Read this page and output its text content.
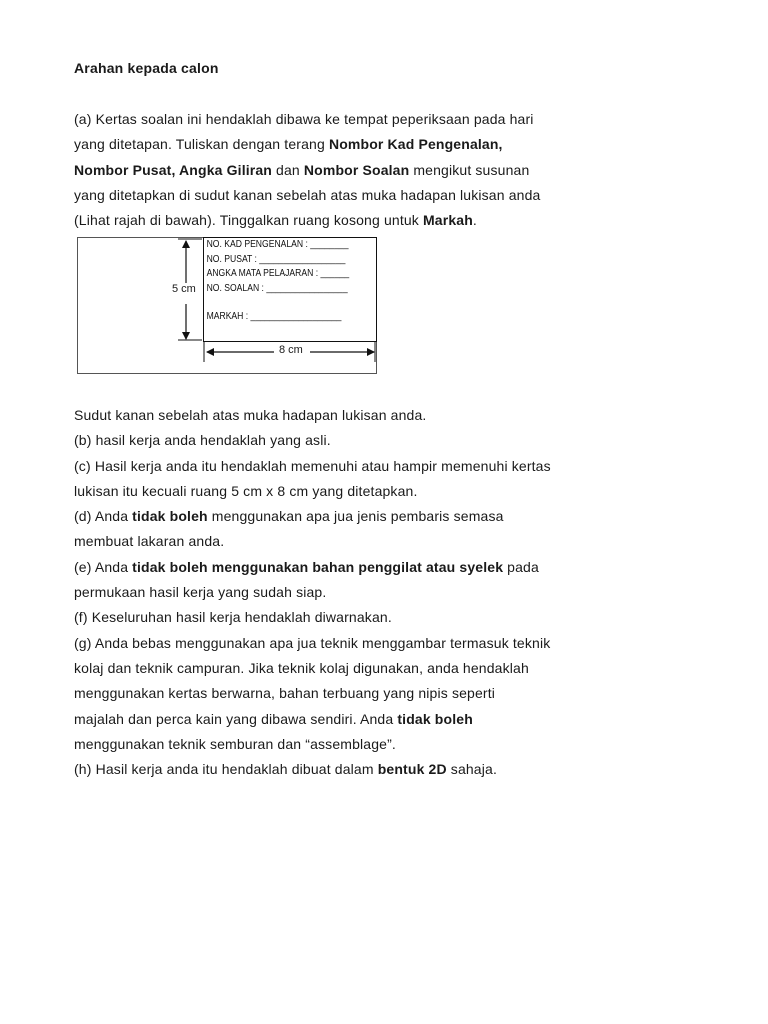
Arahan kepada calon
(a) Kertas soalan ini hendaklah dibawa ke tempat peperiksaan pada hari
yang ditetapan. Tuliskan dengan terang Nombor Kad Pengenalan,
Nombor Pusat, Angka Giliran dan Nombor Soalan mengikut susunan
yang ditetapkan di sudut kanan sebelah atas muka hadapan lukisan anda
(Lihat rajah di bawah). Tinggalkan ruang kosong untuk Markah.
5 cm
8 cm
NO. KAD PENGENALAN : ________
NO. PUSAT : __________________
ANGKA MATA PELAJARAN : ______
NO. SOALAN : _________________
MARKAH : ___________________
Sudut kanan sebelah atas muka hadapan lukisan anda.
(b) hasil kerja anda hendaklah yang asli.
(c) Hasil kerja anda itu hendaklah memenuhi atau hampir memenuhi kertas
lukisan itu kecuali ruang 5 cm x 8 cm yang ditetapkan.
(d) Anda tidak boleh menggunakan apa jua jenis pembaris semasa
membuat lakaran anda.
(e) Anda tidak boleh menggunakan bahan penggilat atau syelek pada
permukaan hasil kerja yang sudah siap.
(f) Keseluruhan hasil kerja hendaklah diwarnakan.
(g) Anda bebas menggunakan apa jua teknik menggambar termasuk teknik
kolaj dan teknik campuran. Jika teknik kolaj digunakan, anda hendaklah
menggunakan kertas berwarna, bahan terbuang yang nipis seperti
majalah dan perca kain yang dibawa sendiri. Anda tidak boleh
menggunakan teknik semburan dan “assemblage”.
(h) Hasil kerja anda itu hendaklah dibuat dalam bentuk 2D sahaja.
